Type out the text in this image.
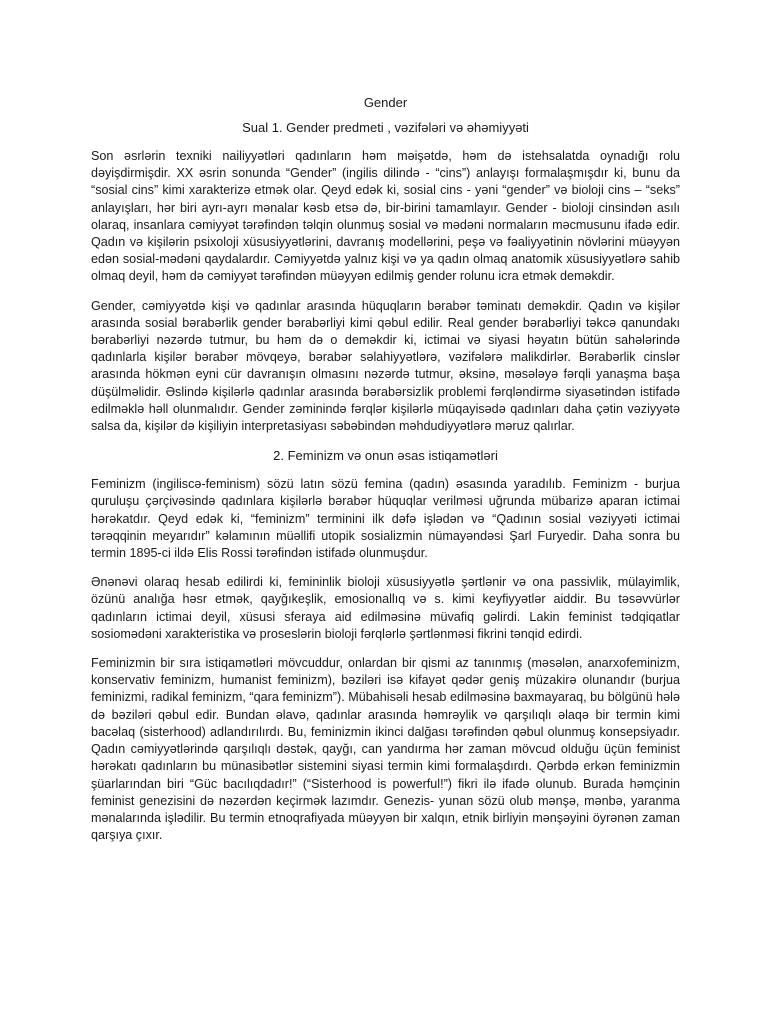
Gender
Sual 1. Gender predmeti , vəzifələri və əhəmiyyəti

Son əsrlərin texniki nailiyyətləri qadınların həm məişətdə, həm də istehsalatda oynadığı rolu dəyişdirmişdir. XX əsrin sonunda “Gender” (ingilis dilində - “cins”) anlayışı formalaşmışdır ki, bunu da “sosial cins” kimi xarakterizə etmək olar. Qeyd edək ki, sosial cins - yəni “gender” və bioloji cins – “seks” anlayışları, hər biri ayrı-ayrı mənalar kəsb etsə də, bir-birini tamamlayır. Gender - bioloji cinsindən asılı olaraq, insanlara cəmiyyət tərəfindən təlqin olunmuş sosial və mədəni normaların məcmusunu ifadə edir. Qadın və kişilərin psixoloji xüsusiyyətlərini, davranış modellərini, peşə və fəaliyyətinin növlərini müəyyən edən sosial-mədəni qaydalardır. Cəmiyyətdə yalnız kişi və ya qadın olmaq anatomik xüsusiyyətlərə sahib olmaq deyil, həm də cəmiyyət tərəfindən müəyyən edilmiş gender rolunu icra etmək deməkdir.

Gender, cəmiyyətdə kişi və qadınlar arasında hüquqların bərabər təminatı deməkdir. Qadın və kişilər arasında sosial bərabərlik gender bərabərliyi kimi qəbul edilir. Real gender bərabərliyi təkcə qanundakı bərabərliyi nəzərdə tutmur, bu həm də o deməkdir ki, ictimai və siyasi həyatın bütün sahələrində qadınlarla kişilər bərabər mövqeyə, bərabər səlahiyyətlərə, vəzifələrə malikdirlər. Bərabərlik cinslər arasında hökmən eyni cür davranışın olmasını nəzərdə tutmur, əksinə, məsələyə fərqli yanaşma başa düşülməlidir. Əslində kişilərlə qadınlar arasında bərabərsizlik problemi fərqləndirmə siyasətindən istifadə edilməklə həll olunmalıdır. Gender zəminində fərqlər kişilərlə müqayisədə qadınları daha çətin vəziyyətə salsa da, kişilər də kişiliyin interpretasiyası səbəbindən məhdudiyyətlərə məruz qalırlar.

2. Feminizm və onun əsas istiqamətləri

Feminizm (ingiliscə-feminism) sözü latın sözü femina (qadın) əsasında yaradılıb. Feminizm - burjua quruluşu çərçivəsində qadınlara kişilərlə bərabər hüquqlar verilməsi uğrunda mübarizə aparan ictimai hərəkatdır. Qeyd edək ki, “feminizm” terminini ilk dəfə işlədən və “Qadının sosial vəziyyəti ictimai tərəqqinin meyarıdır” kəlamının müəllifi utopik sosializmin nümayəndəsi Şarl Furyedir. Daha sonra bu termin 1895-ci ildə Elis Rossi tərəfindən istifadə olunmuşdur.

Ənənəvi olaraq hesab edilirdi ki, femininlik bioloji xüsusiyyətlə şərtlənir və ona passivlik, mülayimlik, özünü analığa həsr etmək, qayğıkeşlik, emosionallıq və s. kimi keyfiyyətlər aiddir. Bu təsəvvürlər qadınların ictimai deyil, xüsusi sferaya aid edilməsinə müvafiq gəlirdi. Lakin feminist tədqiqatlar sosiomədəni xarakteristika və proseslərin bioloji fərqlərlə şərtlənməsi fikrini tənqid edirdi.

Feminizmin bir sıra istiqamətləri mövcuddur, onlardan bir qismi az tanınmış (məsələn, anarxofeminizm, konservativ feminizm, humanist feminizm), bəziləri isə kifayət qədər geniş müzakirə olunandır (burjua feminizmi, radikal feminizm, “qara feminizm”). Mübahisəli hesab edilməsinə baxmayaraq, bu bölgünü hələ də bəziləri qəbul edir. Bundan əlavə, qadınlar arasında həmrəylik və qarşılıqlı əlaqə bir termin kimi bacəlaq (sisterhood) adlandırılırdı. Bu, feminizmin ikinci dalğası tərəfindən qəbul olunmuş konsepsiyadır. Qadın cəmiyyətlərində qarşılıqlı dəstək, qayğı, can yandırma hər zaman mövcud olduğu üçün feminist hərəkatı qadınların bu münasibətlər sistemini siyasi termin kimi formalaşdırdı. Qərbdə erkən feminizmin şüarlarından biri “Güc bacılıqdadır!” (“Sisterhood is powerful!”) fikri ilə ifadə olunub. Burada həmçinin feminist genezisini də nəzərdən keçirmək lazımdır. Genezis- yunan sözü olub mənşə, mənbə, yaranma mənalarında işlədilir. Bu termin etnoqrafiyada müəyyən bir xalqın, etnik birliyin mənşəyini öyrənən zaman qarşıya çıxır.
